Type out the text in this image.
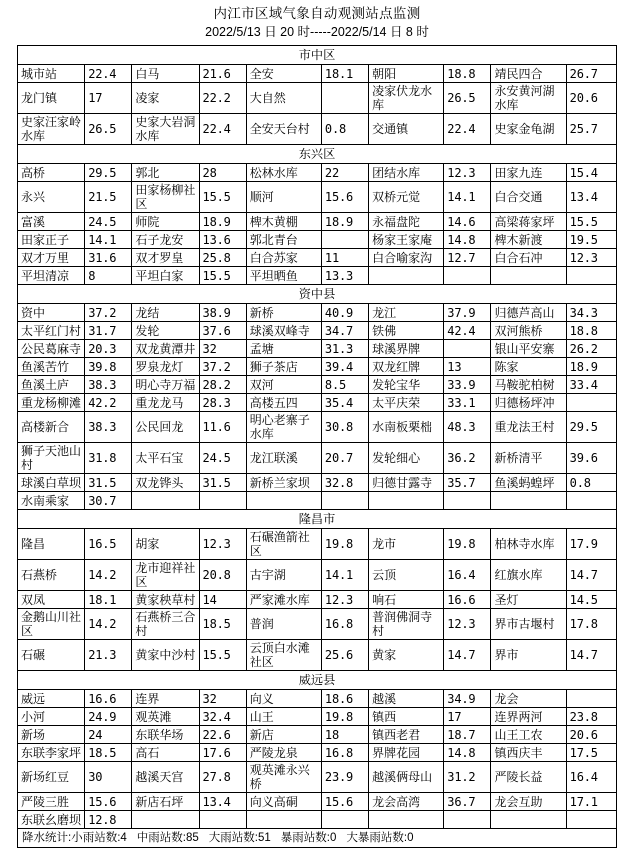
内江市区域气象自动观测站点监测
2022/5/13 日 20 时-----2022/5/14 日 8 时
市中区									
城市站	22.4	白马	21.6	全安	18.1	朝阳	18.8	靖民四合	26.7
龙门镇	17	凌家	22.2	大自然		凌家伏龙水库	26.5	永安黄河湖水库	20.6
史家汪家岭水库	26.5	史家大岩洞水库	22.4	全安天台村	0.8	交通镇	22.4	史家金龟湖	25.7
东兴区									
高桥	29.5	郭北	28	松林水库	22	团结水库	12.3	田家九连	15.4
永兴	21.5	田家杨柳社区	15.5	顺河	15.6	双桥元觉	14.1	白合交通	13.4
富溪	24.5	师院	18.9	椑木黄棚	18.9	永福盘陀	14.6	高梁蒋家坪	15.5
田家正子	14.1	石子龙安	13.6	郭北青台		杨家王家庵	14.8	椑木新渡	19.5
双才万里	31.6	双才罗皇	25.8	白合苏家	11	白合喻家沟	12.7	白合石冲	12.3
平坦清凉	8	平坦白家	15.5	平坦晒鱼	13.3				
资中县									
资中	37.2	龙结	38.9	新桥	40.9	龙江	37.9	归德芦高山	34.3
太平红门村	31.7	发轮	37.6	球溪双峰寺	34.7	铁佛	42.4	双河熊桥	18.8
公民葛麻寺	20.3	双龙黄潭井	32	孟塘	31.3	球溪界牌		银山平安寨	26.2
鱼溪苦竹	39.8	罗泉龙灯	37.2	狮子茶店	39.4	双龙红牌	13	陈家	18.9
鱼溪土庐	38.3	明心寺万福	28.2	双河	8.5	发轮宝华	33.9	马鞍驼柏树	33.4
重龙杨柳滩	42.2	重龙龙马	28.3	高楼五四	35.4	太平庆荣	33.1	归德杨坪冲	
高楼新合	38.3	公民回龙	11.6	明心老寨子水库	30.8	水南板栗柮	48.3	重龙法王村	29.5
狮子天池山村	31.8	太平石宝	24.5	龙江联溪	20.7	发轮细心	36.2	新桥清平	39.6
球溪白草坝	31.5	双龙铧头	31.5	新桥兰家坝	32.8	归德甘露寺	35.7	鱼溪蚂蝗坪	0.8
水南乘家	30.7								
隆昌市									
隆昌	16.5	胡家	12.3	石碾渔箭社区	19.8	龙市	19.8	柏林寺水库	17.9
石燕桥	14.2	龙市迎祥社区	20.8	古宇湖	14.1	云顶	16.4	红旗水库	14.7
双凤	18.1	黄家秧草村	14	严家滩水库	12.3	响石	16.6	圣灯	14.5
金鹅山川社区	14.2	石燕桥三合村	18.5	普润	16.8	普润佛洞寺村	12.3	界市古堰村	17.8
石碾	21.3	黄家中沙村	15.5	云顶白水滩社区	25.6	黄家	14.7	界市	14.7
威远县									
威远	16.6	连界	32	向义	18.6	越溪	34.9	龙会	
小河	24.9	观英滩	32.4	山王	19.8	镇西	17	连界两河	23.8
新场	24	东联华场	22.6	新店	18	镇西老君	18.7	山王工农	20.6
东联李家坪	18.5	高石	17.6	严陵龙泉	16.8	界牌花园	14.8	镇西庆丰	17.5
新场红豆	30	越溪天宫	27.8	观英滩永兴桥	23.9	越溪俩母山	31.2	严陵长益	16.4
严陵三胜	15.6	新店石坪	13.4	向义高硐	15.6	龙会高湾	36.7	龙会互助	17.1
东联幺磨坝	12.8								
降水统计:小雨站数:4 中雨站数:85 大雨站数:51 暴雨站数:0 大暴雨站数:0									
